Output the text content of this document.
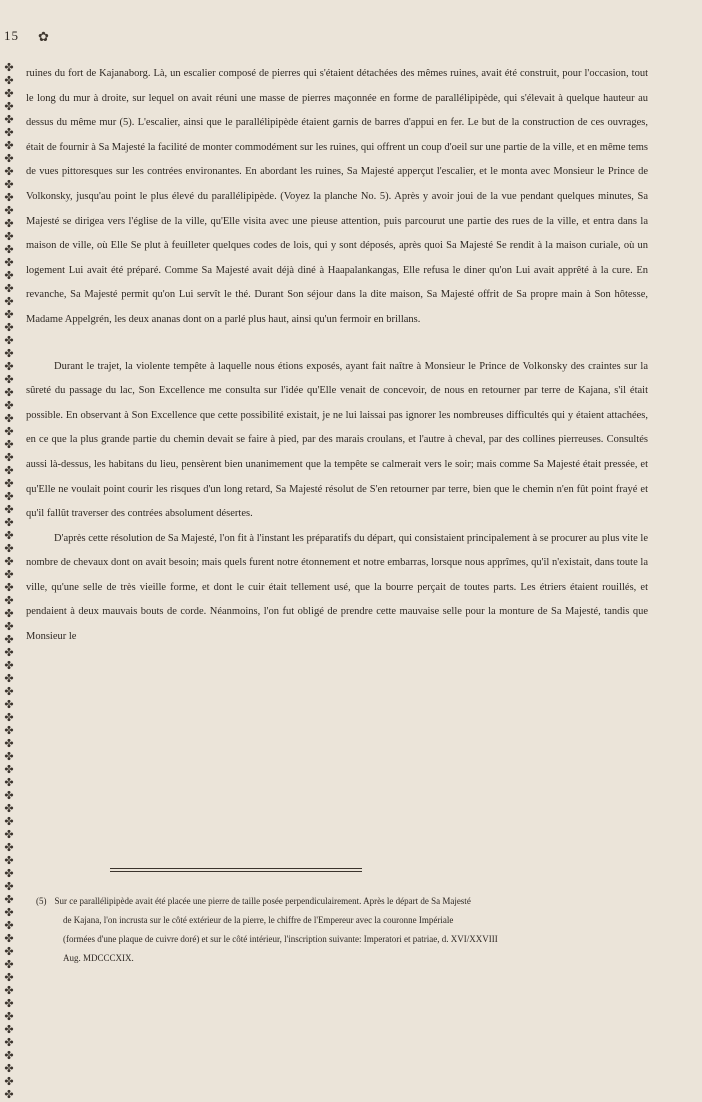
15 ✿
✤
✤
✤
✤
✤
✤
✤
✤
✤
✤
✤
✤
✤
✤
✤
✤
✤
✤
✤
✤
✤
✤
✤
✤
✤
✤
✤
✤
✤
✤
✤
✤
✤
✤
✤
✤
✤
✤
✤
✤
✤
✤
✤
✤
✤
✤
✤
✤
✤
✤
✤
✤
✤
✤
✤
✤
✤
✤
✤
✤
✤
✤
✤
✤
✤
✤
✤
✤
✤
✤
✤
✤
✤
✤
✤
✤
✤
✤
✤
✤

ruines du fort de Kajanaborg. Là, un escalier composé de pierres qui s'étaient détachées des mêmes ruines, avait été construit, pour l'occasion, tout le long du mur à droite, sur lequel on avait réuni une masse de pierres maçonnée en forme de parallélipipède, qui s'élevait à quelque hauteur au dessus du même mur (5). L'escalier, ainsi que le parallélipipède étaient garnis de barres d'appui en fer. Le but de la construction de ces ouvrages, était de fournir à Sa Majesté la facilité de monter commodément sur les ruines, qui offrent un coup d'oeil sur une partie de la ville, et en même tems de vues pittoresques sur les contrées environantes. En abordant les ruines, Sa Majesté apperçut l'escalier, et le monta avec Monsieur le Prince de Volkonsky, jusqu'au point le plus élevé du parallélipipède. (Voyez la planche No. 5). Après y avoir joui de la vue pendant quelques minutes, Sa Majesté se dirigea vers l'église de la ville, qu'Elle visita avec une pieuse attention, puis parcourut une partie des rues de la ville, et entra dans la maison de ville, où Elle Se plut à feuilleter quelques codes de lois, qui y sont déposés, après quoi Sa Majesté Se rendit à la maison curiale, où un logement Lui avait été préparé. Comme Sa Majesté avait déjà diné à Haapalankangas, Elle refusa le diner qu'on Lui avait apprêté à la cure. En revanche, Sa Majesté permit qu'on Lui servît le thé. Durant Son séjour dans la dite maison, Sa Majesté offrit de Sa propre main à Son hôtesse, Madame Appelgrén, les deux ananas dont on a parlé plus haut, ainsi qu'un fermoir en brillans.

Durant le trajet, la violente tempête à laquelle nous étions exposés, ayant fait naître à Monsieur le Prince de Volkonsky des craintes sur la sûreté du passage du lac, Son Excellence me consulta sur l'idée qu'Elle venait de concevoir, de nous en retourner par terre de Kajana, s'il était possible. En observant à Son Excellence que cette possibilité existait, je ne lui laissai pas ignorer les nombreuses difficultés qui y étaient attachées, en ce que la plus grande partie du chemin devait se faire à pied, par des marais croulans, et l'autre à cheval, par des collines pierreuses. Consultés aussi là-dessus, les habitans du lieu, pensèrent bien unanimement que la tempête se calmerait vers le soir; mais comme Sa Majesté était pressée, et qu'Elle ne voulait point courir les risques d'un long retard, Sa Majesté résolut de S'en retourner par terre, bien que le chemin n'en fût point frayé et qu'il fallût traverser des contrées absolument désertes.

D'après cette résolution de Sa Majesté, l'on fit à l'instant les préparatifs du départ, qui consistaient principalement à se procurer au plus vite le nombre de chevaux dont on avait besoin; mais quels furent notre étonnement et notre embarras, lorsque nous apprîmes, qu'il n'existait, dans toute la ville, qu'une selle de très vieille forme, et dont le cuir était tellement usé, que la bourre perçait de toutes parts. Les étriers étaient rouillés, et pendaient à deux mauvais bouts de corde. Néanmoins, l'on fut obligé de prendre cette mauvaise selle pour la monture de Sa Majesté, tandis que Monsieur le

(5) Sur ce parallélipipède avait été placée une pierre de taille posée perpendiculairement. Après le départ de Sa Majesté
de Kajana, l'on incrusta sur le côté extérieur de la pierre, le chiffre de l'Empereur avec la couronne Impériale
(formées d'une plaque de cuivre doré) et sur le côté intérieur, l'inscription suivante: Imperatori et patriae, d. XVI/XXVIII
Aug. MDCCCXIX.
